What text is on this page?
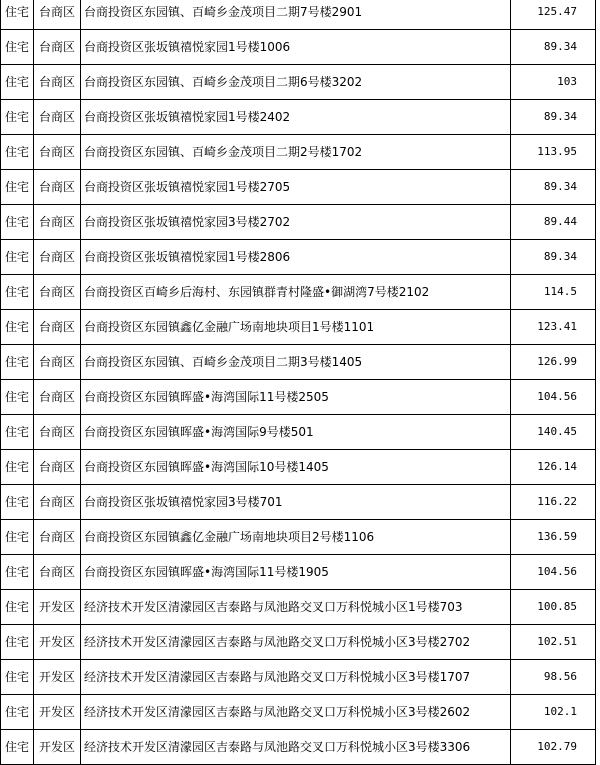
住宅	台商区	台商投资区东园镇、百崎乡金茂项目二期7号楼2901	125.47
住宅	台商区	台商投资区张坂镇禧悦家园1号楼1006	89.34
住宅	台商区	台商投资区东园镇、百崎乡金茂项目二期6号楼3202	103
住宅	台商区	台商投资区张坂镇禧悦家园1号楼2402	89.34
住宅	台商区	台商投资区东园镇、百崎乡金茂项目二期2号楼1702	113.95
住宅	台商区	台商投资区张坂镇禧悦家园1号楼2705	89.34
住宅	台商区	台商投资区张坂镇禧悦家园3号楼2702	89.44
住宅	台商区	台商投资区张坂镇禧悦家园1号楼2806	89.34
住宅	台商区	台商投资区百崎乡后海村、东园镇群青村隆盛•御湖湾7号楼2102	114.5
住宅	台商区	台商投资区东园镇鑫亿金融广场南地块项目1号楼1101	123.41
住宅	台商区	台商投资区东园镇、百崎乡金茂项目二期3号楼1405	126.99
住宅	台商区	台商投资区东园镇晖盛•海湾国际11号楼2505	104.56
住宅	台商区	台商投资区东园镇晖盛•海湾国际9号楼501	140.45
住宅	台商区	台商投资区东园镇晖盛•海湾国际10号楼1405	126.14
住宅	台商区	台商投资区张坂镇禧悦家园3号楼701	116.22
住宅	台商区	台商投资区东园镇鑫亿金融广场南地块项目2号楼1106	136.59
住宅	台商区	台商投资区东园镇晖盛•海湾国际11号楼1905	104.56
住宅	开发区	经济技术开发区清濛园区吉泰路与凤池路交叉口万科悦城小区1号楼703	100.85
住宅	开发区	经济技术开发区清濛园区吉泰路与凤池路交叉口万科悦城小区3号楼2702	102.51
住宅	开发区	经济技术开发区清濛园区吉泰路与凤池路交叉口万科悦城小区3号楼1707	98.56
住宅	开发区	经济技术开发区清濛园区吉泰路与凤池路交叉口万科悦城小区3号楼2602	102.1
住宅	开发区	经济技术开发区清濛园区吉泰路与凤池路交叉口万科悦城小区3号楼3306	102.79
